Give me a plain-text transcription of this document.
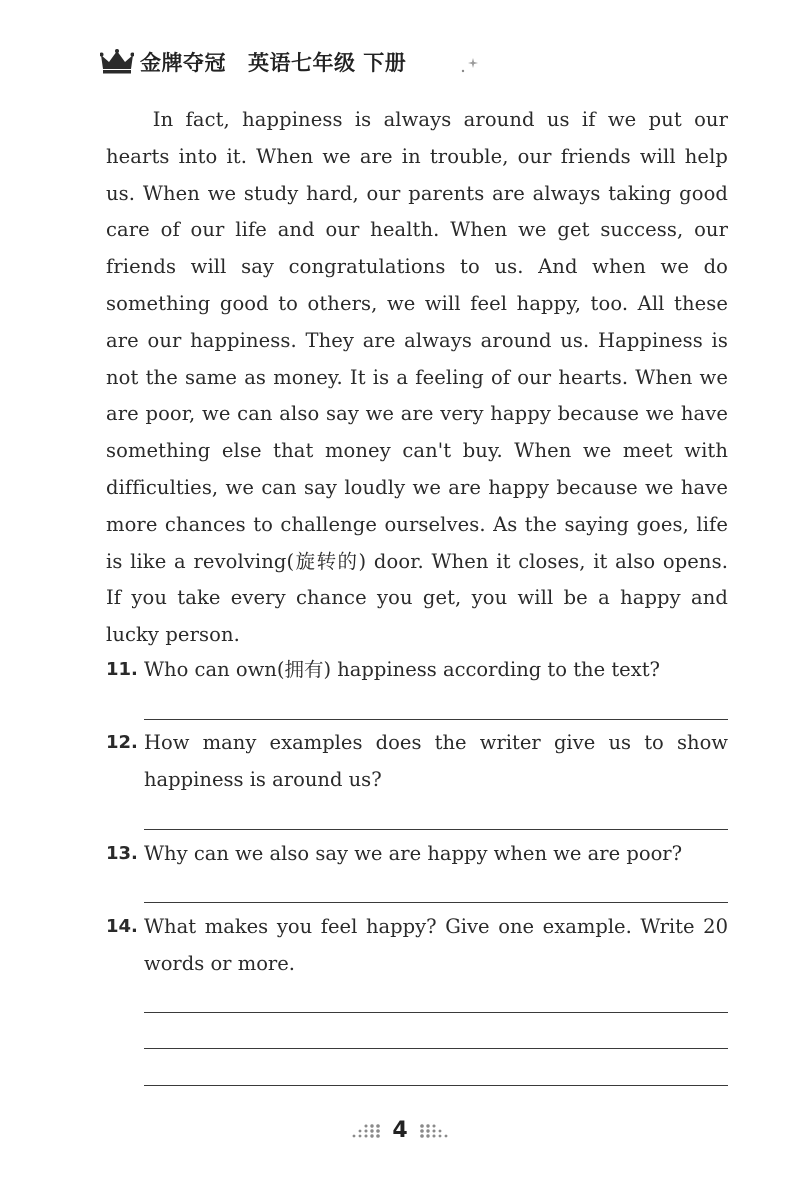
金牌夺冠 英语七年级 下册

In fact, happiness is always around us if we put our hearts into it. When we are in trouble, our friends will help us. When we study hard, our parents are always taking good care of our life and our health. When we get success, our friends will say congratulations to us. And when we do something good to others, we will feel happy, too. All these are our happiness. They are always around us. Happiness is not the same as money. It is a feeling of our hearts. When we are poor, we can also say we are very happy because we have something else that money can't buy. When we meet with difficulties, we can say loudly we are happy because we have more chances to challenge ourselves. As the saying goes, life is like a revolving(旋转的) door. When it closes, it also opens. If you take every chance you get, you will be a happy and lucky person.

11. Who can own(拥有) happiness according to the text?
12. How many examples does the writer give us to show happiness is around us?
13. Why can we also say we are happy when we are poor?
14. What makes you feel happy? Give one example. Write 20 words or more.
4
